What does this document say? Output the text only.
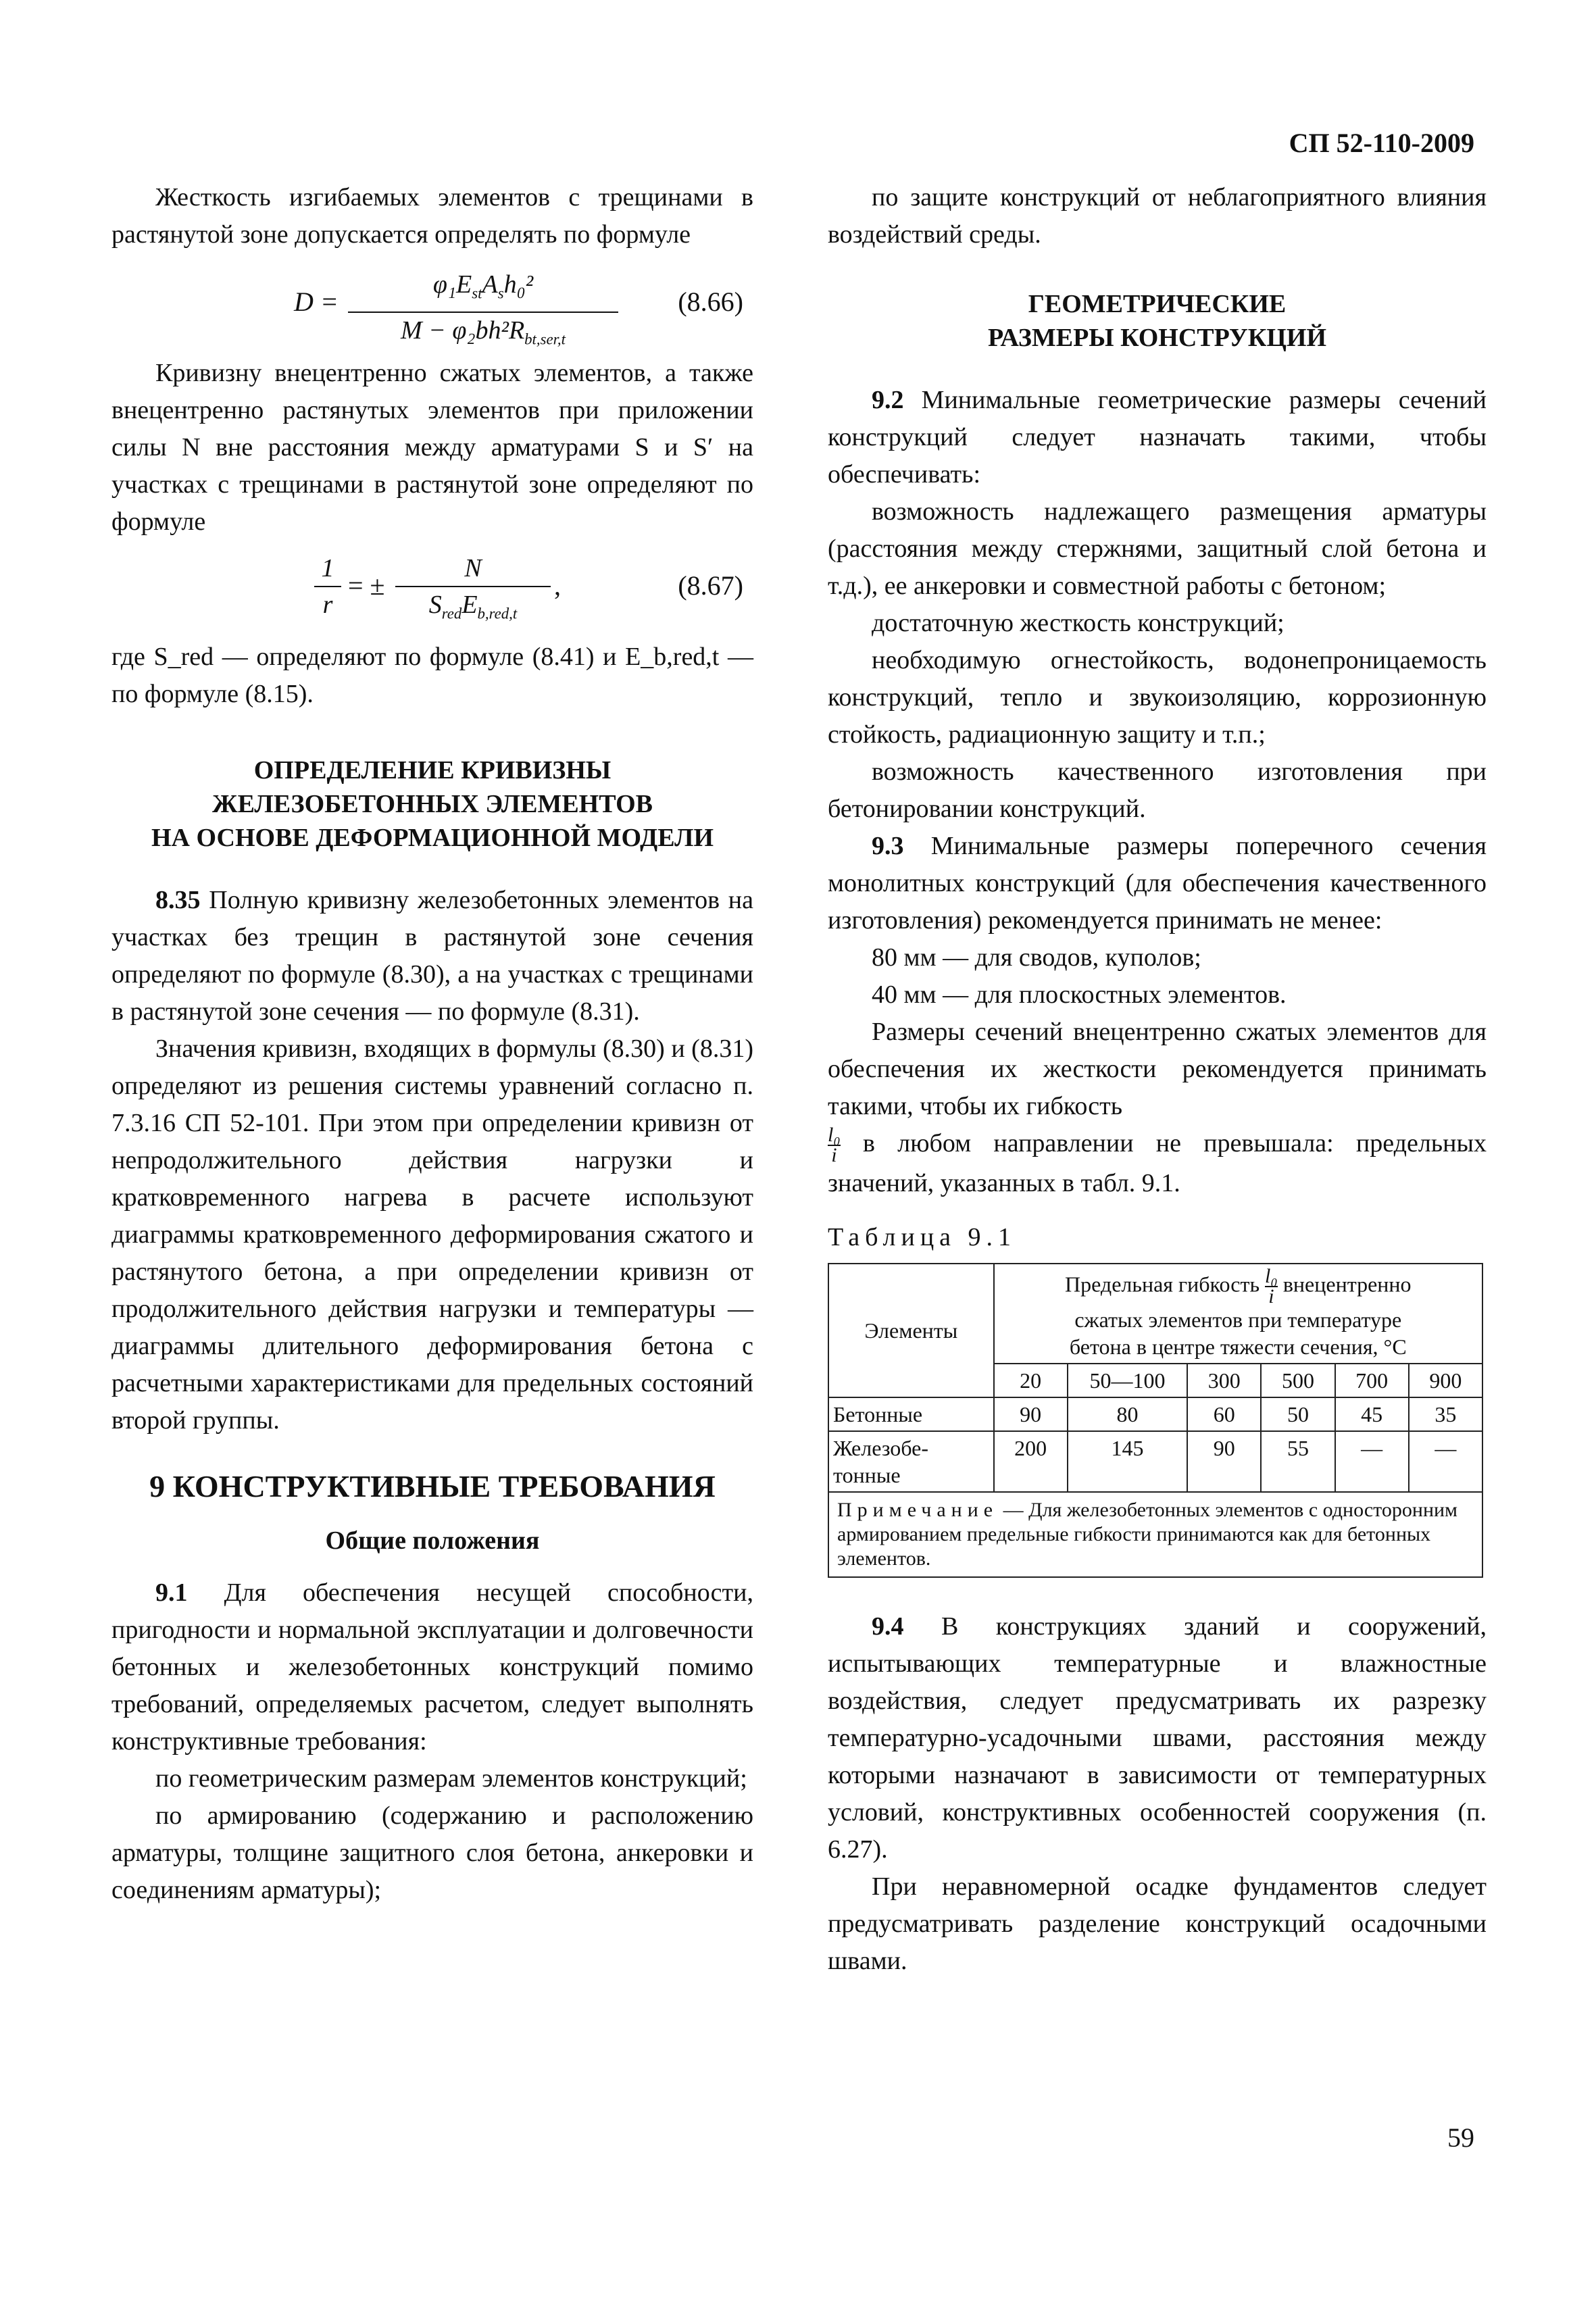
СП 52-110-2009

Жесткость изгибаемых элементов с трещинами в растянутой зоне допускается определять по формуле

D =
$\varphi_1E_{st}A_sh_0^2$
$M - \varphi_2bh^2R_{bt,ser,t}$
(8.66)

Кривизну внецентренно сжатых элементов, а также внецентренно растянутых элементов при приложении силы N вне расстояния между арматурами S и S′ на участках с трещинами в растянутой зоне определяют по формуле

$\frac{1}{r}$ = ±
N
$S_{red}E_{b,red,t}$
,	(8.67)

где S_red — определяют по формуле (8.41) и E_b,red,t — по формуле (8.15).

ОПРЕДЕЛЕНИЕ КРИВИЗНЫ

ЖЕЛЕЗОБЕТОННЫХ ЭЛЕМЕНТОВ

НА ОСНОВЕ ДЕФОРМАЦИОННОЙ МОДЕЛИ

8.35 Полную кривизну железобетонных элементов на участках без трещин в растянутой зоне сечения определяют по формуле (8.30), а на участках с трещинами в растянутой зоне сечения — по формуле (8.31).

Значения кривизн, входящих в формулы (8.30) и (8.31) определяют из решения системы уравнений согласно п. 7.3.16 СП 52-101. При этом при определении кривизн от непродолжительного действия нагрузки и кратковременного нагрева в расчете используют диаграммы кратковременного деформирования сжатого и растянутого бетона, а при определении кривизн от продолжительного действия нагрузки и температуры — диаграммы длительного деформирования бетона с расчетными характеристиками для предельных состояний второй группы.

9 КОНСТРУКТИВНЫЕ ТРЕБОВАНИЯ

Общие положения

9.1 Для обеспечения несущей способности, пригодности и нормальной эксплуатации и долговечности бетонных и железобетонных конструкций помимо требований, определяемых расчетом, следует выполнять конструктивные требования:

по геометрическим размерам элементов конструкций;

по армированию (содержанию и расположению арматуры, толщине защитного слоя бетона, анкеровки и соединениям арматуры);

по защите конструкций от неблагоприятного влияния воздействий среды.

ГЕОМЕТРИЧЕСКИЕ

РАЗМЕРЫ КОНСТРУКЦИЙ

9.2 Минимальные геометрические размеры сечений конструкций следует назначать такими, чтобы обеспечивать:

возможность надлежащего размещения арматуры (расстояния между стержнями, защитный слой бетона и т.д.), ее анкеровки и совместной работы с бетоном;

достаточную жесткость конструкций;

необходимую огнестойкость, водонепроницаемость конструкций, тепло и звукоизоляцию, коррозионную стойкость, радиационную защиту и т.п.;

возможность качественного изготовления при бетонировании конструкций.

9.3 Минимальные размеры поперечного сечения монолитных конструкций (для обеспечения качественного изготовления) рекомендуется принимать не менее:

80 мм — для сводов, куполов;

40 мм — для плоскостных элементов.

Размеры сечений внецентренно сжатых элементов для обеспечения их жесткости рекомендуется принимать такими, чтобы их гибкость

$\frac{\text{l₀}}{i}$ в любом направлении не превышала: предельных значений, указанных в табл. 9.1.

Таблица 9.1

Элементы	Предельная гибкость $\frac{\text{l₀}}{i}$ внецентренно
сжатых элементов при температуре
бетона в центре тяжести сечения, °С					
	20	50—100	300	500	700	900
Бетонные	90	80	60	50	45	35
Железобе-
тонные	200	145	90	55	—	—
Примечание — Для железобетонных элементов с односторонним армированием предельные гибкости принимаются как для бетонных элементов.						

9.4 В конструкциях зданий и сооружений, испытывающих температурные и влажностные воздействия, следует предусматривать их разрезку температурно-усадочными швами, расстояния между которыми назначают в зависимости от температурных условий, конструктивных особенностей сооружения (п. 6.27).

При неравномерной осадке фундаментов следует предусматривать разделение конструкций осадочными швами.

59
